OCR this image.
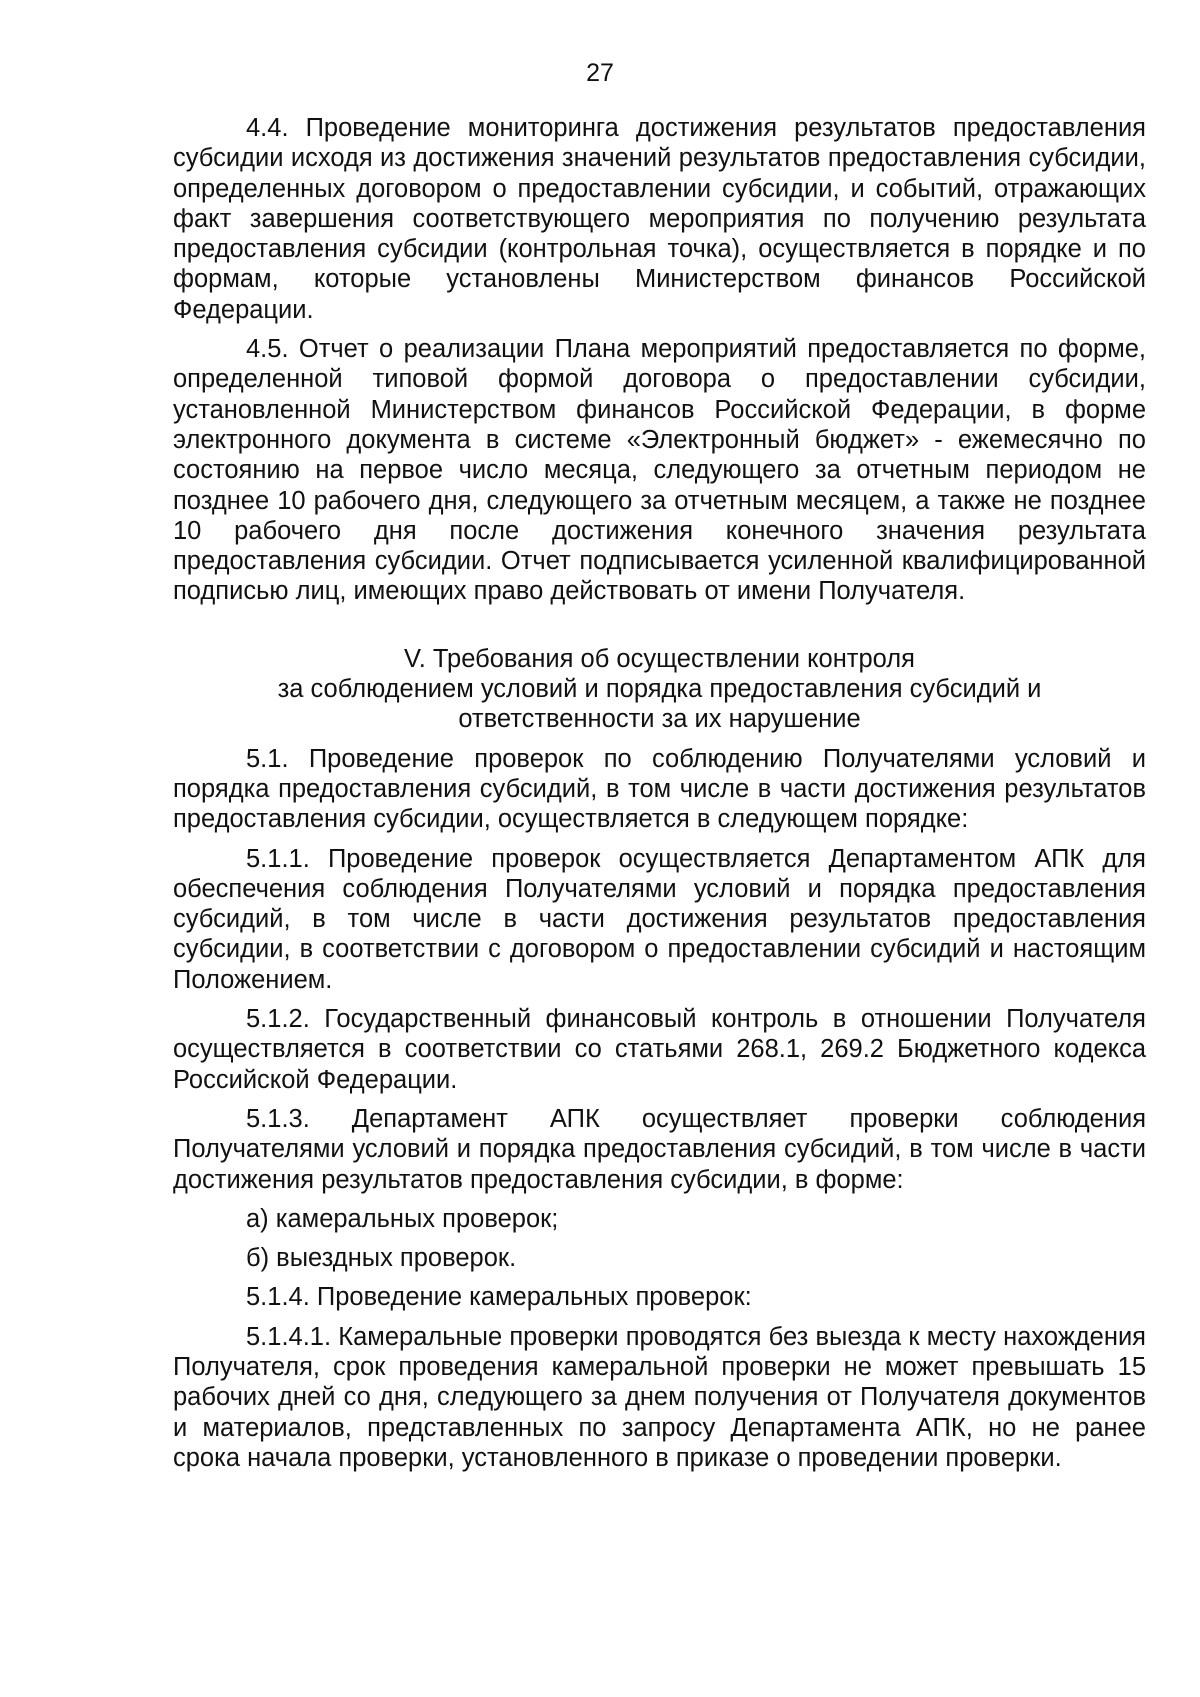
27

4.4. Проведение мониторинга достижения результатов предоставления субсидии исходя из достижения значений результатов предоставления субсидии, определенных договором о предоставлении субсидии, и событий, отражающих факт завершения соответствующего мероприятия по получению результата предоставления субсидии (контрольная точка), осуществляется в порядке и по формам, которые установлены Министерством финансов Российской Федерации.

4.5. Отчет о реализации Плана мероприятий предоставляется по форме, определенной типовой формой договора о предоставлении субсидии, установленной Министерством финансов Российской Федерации, в форме электронного документа в системе «Электронный бюджет» - ежемесячно по состоянию на первое число месяца, следующего за отчетным периодом не позднее 10 рабочего дня, следующего за отчетным месяцем, а также не позднее 10 рабочего дня после достижения конечного значения результата предоставления субсидии. Отчет подписывается усиленной квалифицированной подписью лиц, имеющих право действовать от имени Получателя.

V. Требования об осуществлении контроля
за соблюдением условий и порядка предоставления субсидий и
ответственности за их нарушение

5.1. Проведение проверок по соблюдению Получателями условий и порядка предоставления субсидий, в том числе в части достижения результатов предоставления субсидии, осуществляется в следующем порядке:

5.1.1. Проведение проверок осуществляется Департаментом АПК для обеспечения соблюдения Получателями условий и порядка предоставления субсидий, в том числе в части достижения результатов предоставления субсидии, в соответствии с договором о предоставлении субсидий и настоящим Положением.

5.1.2. Государственный финансовый контроль в отношении Получателя осуществляется в соответствии со статьями 268.1, 269.2 Бюджетного кодекса Российской Федерации.

5.1.3. Департамент АПК осуществляет проверки соблюдения Получателями условий и порядка предоставления субсидий, в том числе в части достижения результатов предоставления субсидии, в форме:

а) камеральных проверок;

б) выездных проверок.

5.1.4. Проведение камеральных проверок:

5.1.4.1. Камеральные проверки проводятся без выезда к месту нахождения Получателя, срок проведения камеральной проверки не может превышать 15 рабочих дней со дня, следующего за днем получения от Получателя документов и материалов, представленных по запросу Департамента АПК, но не ранее срока начала проверки, установленного в приказе о проведении проверки.
